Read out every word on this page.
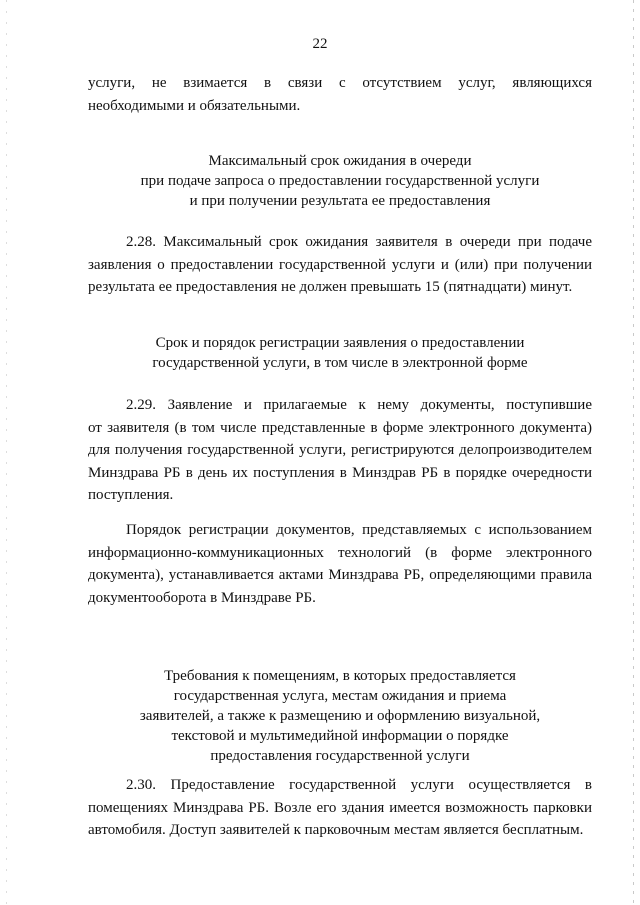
22
услуги, не взимается в связи с отсутствием услуг, являющихся
необходимыми и обязательными.
Максимальный срок ожидания в очереди
при подаче запроса о предоставлении государственной услуги
и при получении результата ее предоставления
2.28. Максимальный срок ожидания заявителя в очереди при подаче
заявления о предоставлении государственной услуги и (или) при получении
результата ее предоставления не должен превышать 15 (пятнадцати) минут.
Срок и порядок регистрации заявления о предоставлении
государственной услуги, в том числе в электронной форме
2.29. Заявление и прилагаемые к нему документы, поступившие
от заявителя (в том числе представленные в форме электронного документа)
для получения государственной услуги, регистрируются делопроизводителем
Минздрава РБ в день их поступления в Минздрав РБ в порядке очередности
поступления.
Порядок регистрации документов, представляемых с использованием
информационно-коммуникационных технологий (в форме электронного
документа), устанавливается актами Минздрава РБ, определяющими правила
документооборота в Минздраве РБ.
Требования к помещениям, в которых предоставляется
государственная услуга, местам ожидания и приема
заявителей, а также к размещению и оформлению визуальной,
текстовой и мультимедийной информации о порядке
предоставления государственной услуги
2.30. Предоставление государственной услуги осуществляется в
помещениях Минздрава РБ. Возле его здания имеется возможность парковки
автомобиля. Доступ заявителей к парковочным местам является бесплатным.
